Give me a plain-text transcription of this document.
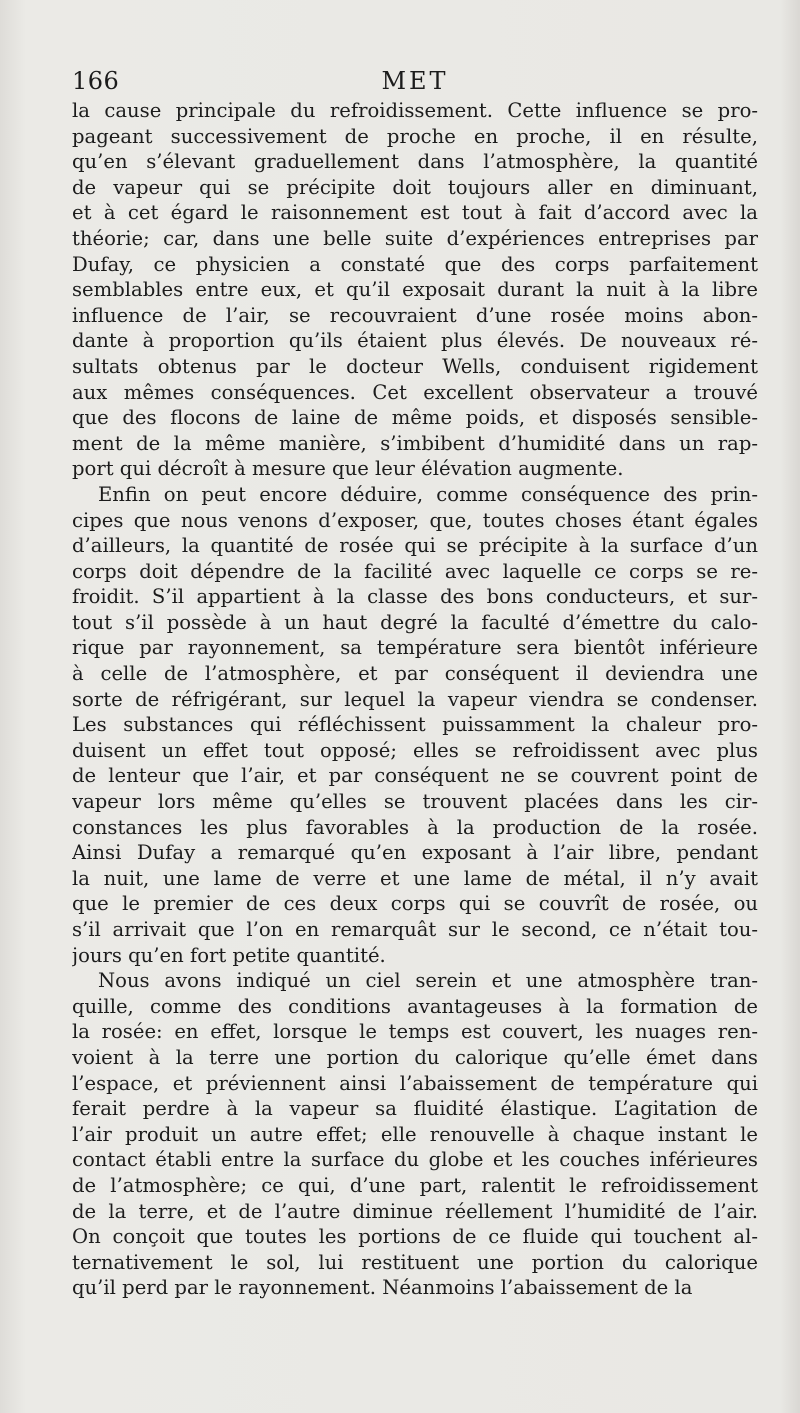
166	MET
la cause principale du refroidissement. Cette influence se pro-
pageant successivement de proche en proche, il en résulte,
qu’en s’élevant graduellement dans l’atmosphère, la quantité
de vapeur qui se précipite doit toujours aller en diminuant,
et à cet égard le raisonnement est tout à fait d’accord avec la
théorie; car, dans une belle suite d’expériences entreprises par
Dufay, ce physicien a constaté que des corps parfaitement
semblables entre eux, et qu’il exposait durant la nuit à la libre
influence de l’air, se recouvraient d’une rosée moins abon-
dante à proportion qu’ils étaient plus élevés. De nouveaux ré-
sultats obtenus par le docteur Wells, conduisent rigidement
aux mêmes conséquences. Cet excellent observateur a trouvé
que des flocons de laine de même poids, et disposés sensible-
ment de la même manière, s’imbibent d’humidité dans un rap-
port qui décroît à mesure que leur élévation augmente.
Enfin on peut encore déduire, comme conséquence des prin-
cipes que nous venons d’exposer, que, toutes choses étant égales
d’ailleurs, la quantité de rosée qui se précipite à la surface d’un
corps doit dépendre de la facilité avec laquelle ce corps se re-
froidit. S’il appartient à la classe des bons conducteurs, et sur-
tout s’il possède à un haut degré la faculté d’émettre du calo-
rique par rayonnement, sa température sera bientôt inférieure
à celle de l’atmosphère, et par conséquent il deviendra une
sorte de réfrigérant, sur lequel la vapeur viendra se condenser.
Les substances qui réfléchissent puissamment la chaleur pro-
duisent un effet tout opposé; elles se refroidissent avec plus
de lenteur que l’air, et par conséquent ne se couvrent point de
vapeur lors même qu’elles se trouvent placées dans les cir-
constances les plus favorables à la production de la rosée.
Ainsi Dufay a remarqué qu’en exposant à l’air libre, pendant
la nuit, une lame de verre et une lame de métal, il n’y avait
que le premier de ces deux corps qui se couvrît de rosée, ou
s’il arrivait que l’on en remarquât sur le second, ce n’était tou-
jours qu’en fort petite quantité.
Nous avons indiqué un ciel serein et une atmosphère tran-
quille, comme des conditions avantageuses à la formation de
la rosée: en effet, lorsque le temps est couvert, les nuages ren-
voient à la terre une portion du calorique qu’elle émet dans
l’espace, et préviennent ainsi l’abaissement de température qui
ferait perdre à la vapeur sa fluidité élastique. L’agitation de
l’air produit un autre effet; elle renouvelle à chaque instant le
contact établi entre la surface du globe et les couches inférieures
de l’atmosphère; ce qui, d’une part, ralentit le refroidissement
de la terre, et de l’autre diminue réellement l’humidité de l’air.
On conçoit que toutes les portions de ce fluide qui touchent al-
ternativement le sol, lui restituent une portion du calorique
qu’il perd par le rayonnement. Néanmoins l’abaissement de la
